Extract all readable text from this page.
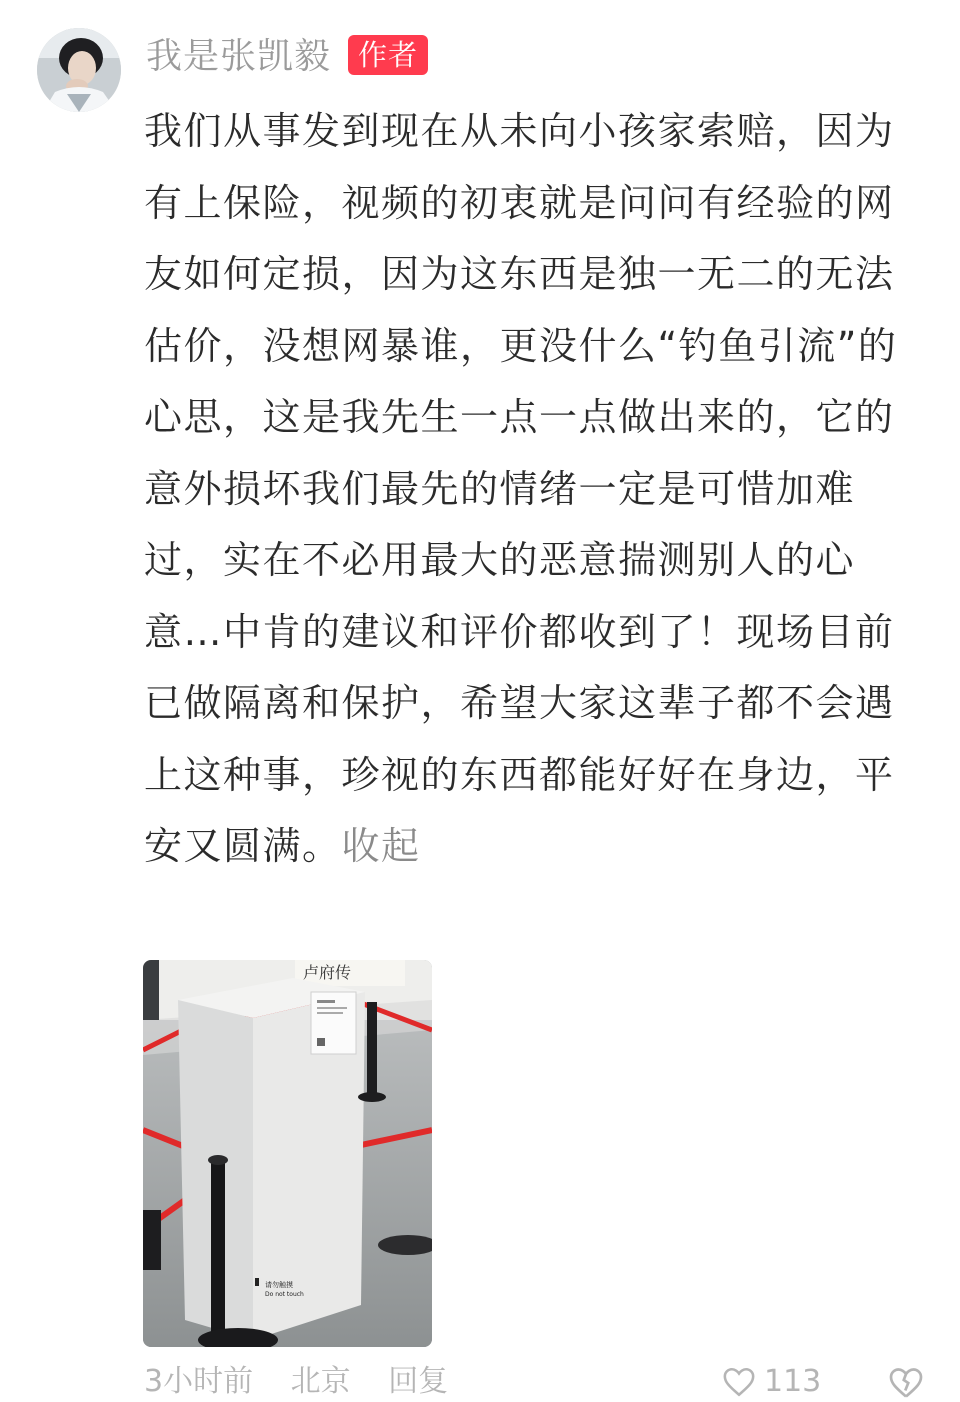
我是张凯毅 作者

我们从事发到现在从未向小孩家索赔，因为有上保险，视频的初衷就是问问有经验的网友如何定损，因为这东西是独一无二的无法估价，没想网暴谁，更没什么“钓鱼引流”的心思，这是我先生一点一点做出来的，它的意外损坏我们最先的情绪一定是可惜加难过，实在不必用最大的恶意揣测别人的心意…中肯的建议和评价都收到了！现场目前已做隔离和保护，希望大家这辈子都不会遇上这种事，珍视的东西都能好好在身边，平安又圆满。收起

卢府传
请勿触摸
Do not touch
3小时前 北京 回复	113
